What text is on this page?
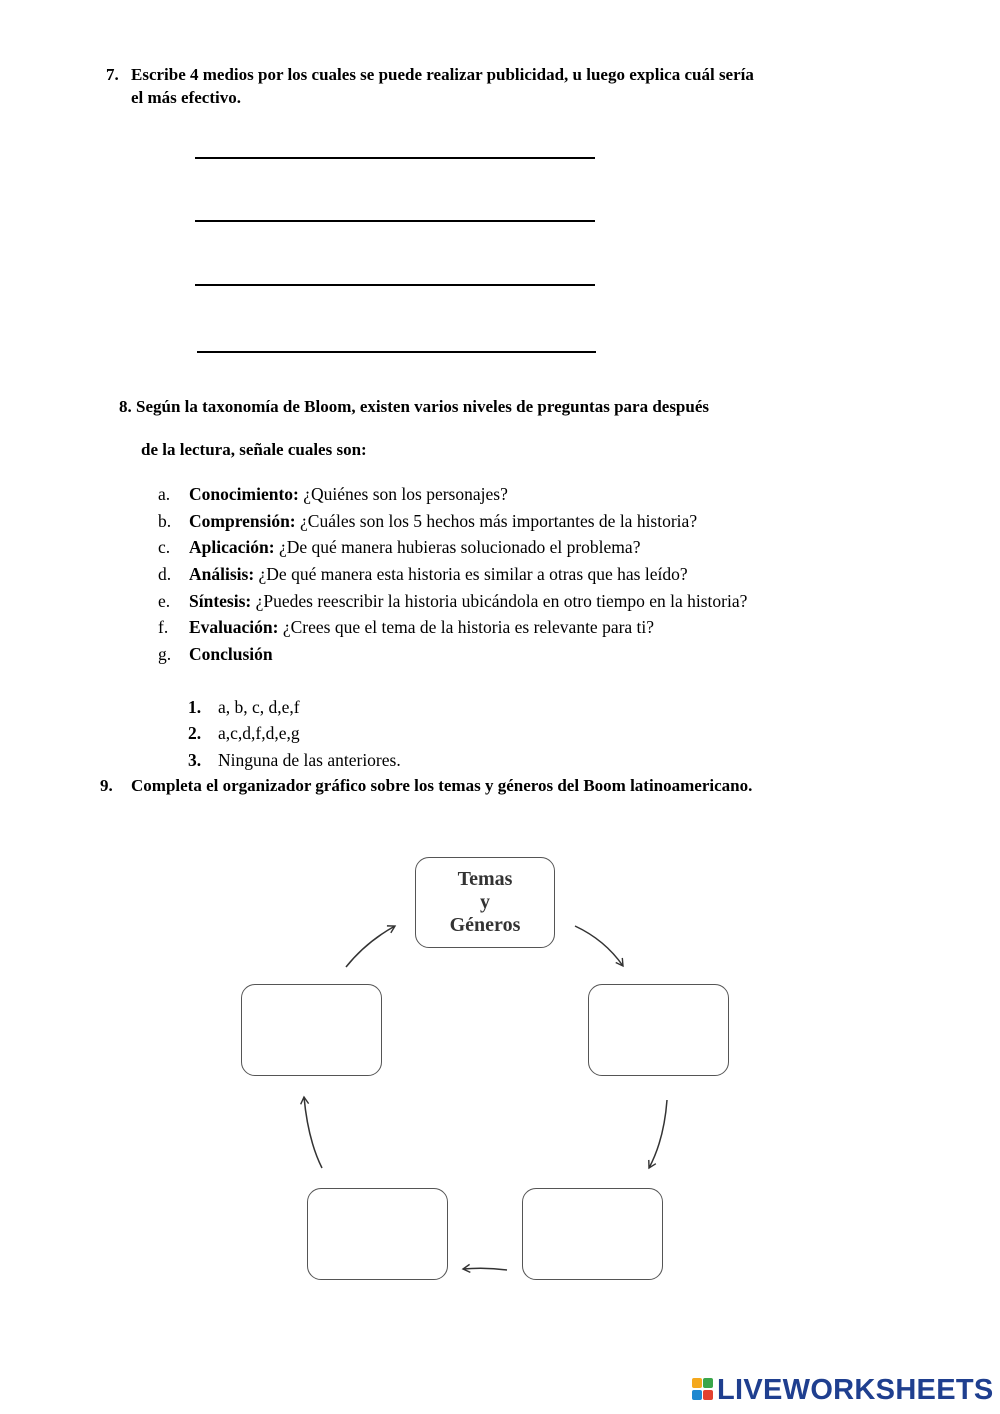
7. Escribe 4 medios por los cuales se puede realizar publicidad, u luego explica cuál sería
el más efectivo.
8. Según la taxonomía de Bloom, existen varios niveles de preguntas para después
de la lectura, señale cuales son:
a. Conocimiento: ¿Quiénes son los personajes?
b. Comprensión: ¿Cuáles son los 5 hechos más importantes de la historia?
c. Aplicación: ¿De qué manera hubieras solucionado el problema?
d. Análisis: ¿De qué manera esta historia es similar a otras que has leído?
e. Síntesis: ¿Puedes reescribir la historia ubicándola en otro tiempo en la historia?
f. Evaluación: ¿Crees que el tema de la historia es relevante para ti?
g. Conclusión
1. a, b, c, d,e,f
2. a,c,d,f,d,e,g
3. Ninguna de las anteriores.
9. Completa el organizador gráfico sobre los temas y géneros del Boom latinoamericano.
Temas
y
Géneros
LIVEWORKSHEETS
